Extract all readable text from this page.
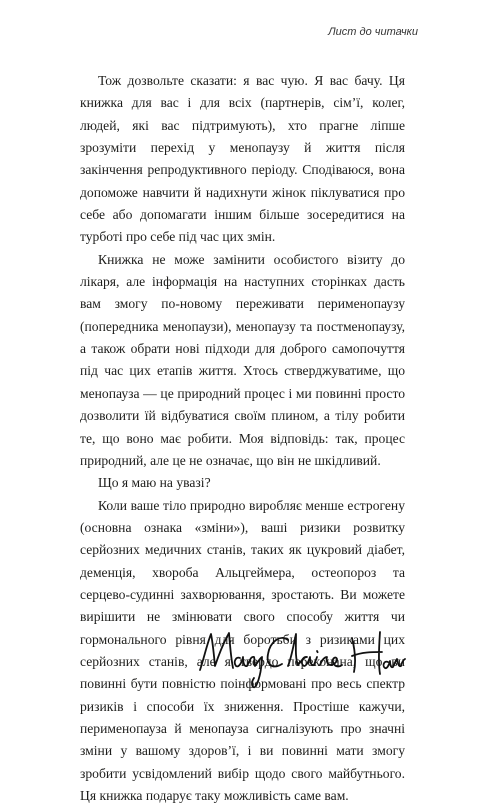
Лист до читачки

Тож дозвольте сказати: я вас чую. Я вас бачу. Ця книжка для вас і для всіх (партнерів, сім’ї, колег, людей, які вас підтримують), хто прагне ліпше зрозуміти перехід у менопаузу й життя після закінчення репродуктивного періоду. Сподіваюся, вона допоможе навчити й надихнути жінок піклуватися про себе або допомагати іншим більше зосередитися на турботі про себе під час цих змін.

Книжка не може замінити особистого візиту до лікаря, але інформація на наступних сторінках дасть вам змогу по-новому переживати перименопаузу (попередника менопаузи), менопаузу та постменопаузу, а також обрати нові підходи для доброго самопочуття під час цих етапів життя. Хтось стверджуватиме, що менопауза — це природний процес і ми повинні просто дозволити їй відбуватися своїм плином, а тілу робити те, що воно має робити. Моя відповідь: так, процес природний, але це не означає, що він не шкідливий.

Що я маю на увазі?

Коли ваше тіло природно виробляє менше естрогену (основна ознака «зміни»), ваші ризики розвитку серйозних медичних станів, таких як цукровий діабет, деменція, хвороба Альцгеймера, остеопороз та серцево-судинні захворювання, зростають. Ви можете вирішити не змінювати свого способу життя чи гормонального рівня для боротьби з ризиками цих серйозних станів, але я твердо переконана, що ви повинні бути повністю поінформовані про весь спектр ризиків і способи їх зниження. Простіше кажучи, перименопауза й менопауза сигналізують про значні зміни у вашому здоров’ї, і ви повинні мати змогу зробити усвідомлений вибір щодо свого майбутнього. Ця книжка подарує таку можливість саме вам.
